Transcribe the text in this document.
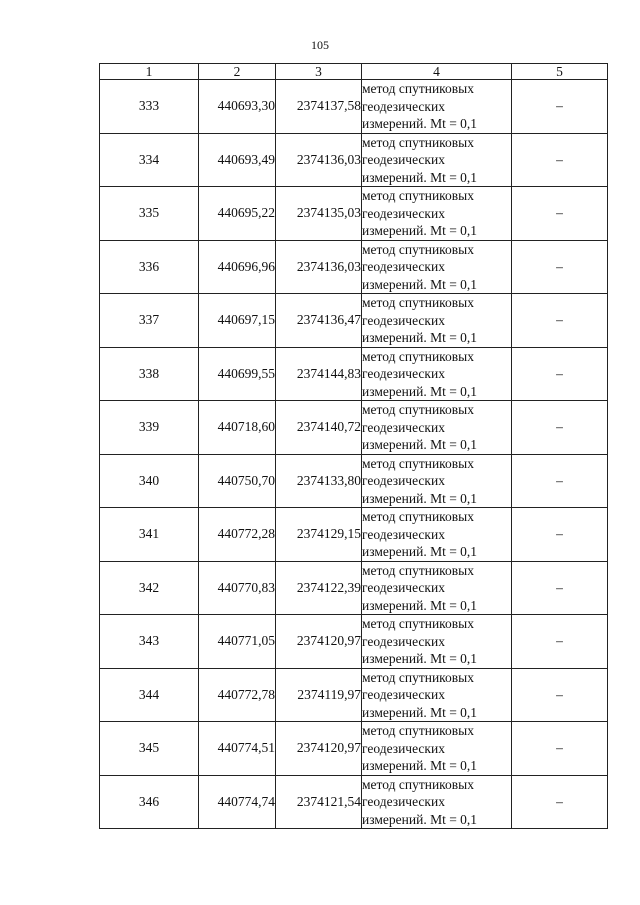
105
1	2	3	4	5
333	440693,30	2374137,58	метод спутниковых
геодезических
измерений. Mt = 0,1	–
334	440693,49	2374136,03	метод спутниковых
геодезических
измерений. Mt = 0,1	–
335	440695,22	2374135,03	метод спутниковых
геодезических
измерений. Mt = 0,1	–
336	440696,96	2374136,03	метод спутниковых
геодезических
измерений. Mt = 0,1	–
337	440697,15	2374136,47	метод спутниковых
геодезических
измерений. Mt = 0,1	–
338	440699,55	2374144,83	метод спутниковых
геодезических
измерений. Mt = 0,1	–
339	440718,60	2374140,72	метод спутниковых
геодезических
измерений. Mt = 0,1	–
340	440750,70	2374133,80	метод спутниковых
геодезических
измерений. Mt = 0,1	–
341	440772,28	2374129,15	метод спутниковых
геодезических
измерений. Mt = 0,1	–
342	440770,83	2374122,39	метод спутниковых
геодезических
измерений. Mt = 0,1	–
343	440771,05	2374120,97	метод спутниковых
геодезических
измерений. Mt = 0,1	–
344	440772,78	2374119,97	метод спутниковых
геодезических
измерений. Mt = 0,1	–
345	440774,51	2374120,97	метод спутниковых
геодезических
измерений. Mt = 0,1	–
346	440774,74	2374121,54	метод спутниковых
геодезических
измерений. Mt = 0,1	–
